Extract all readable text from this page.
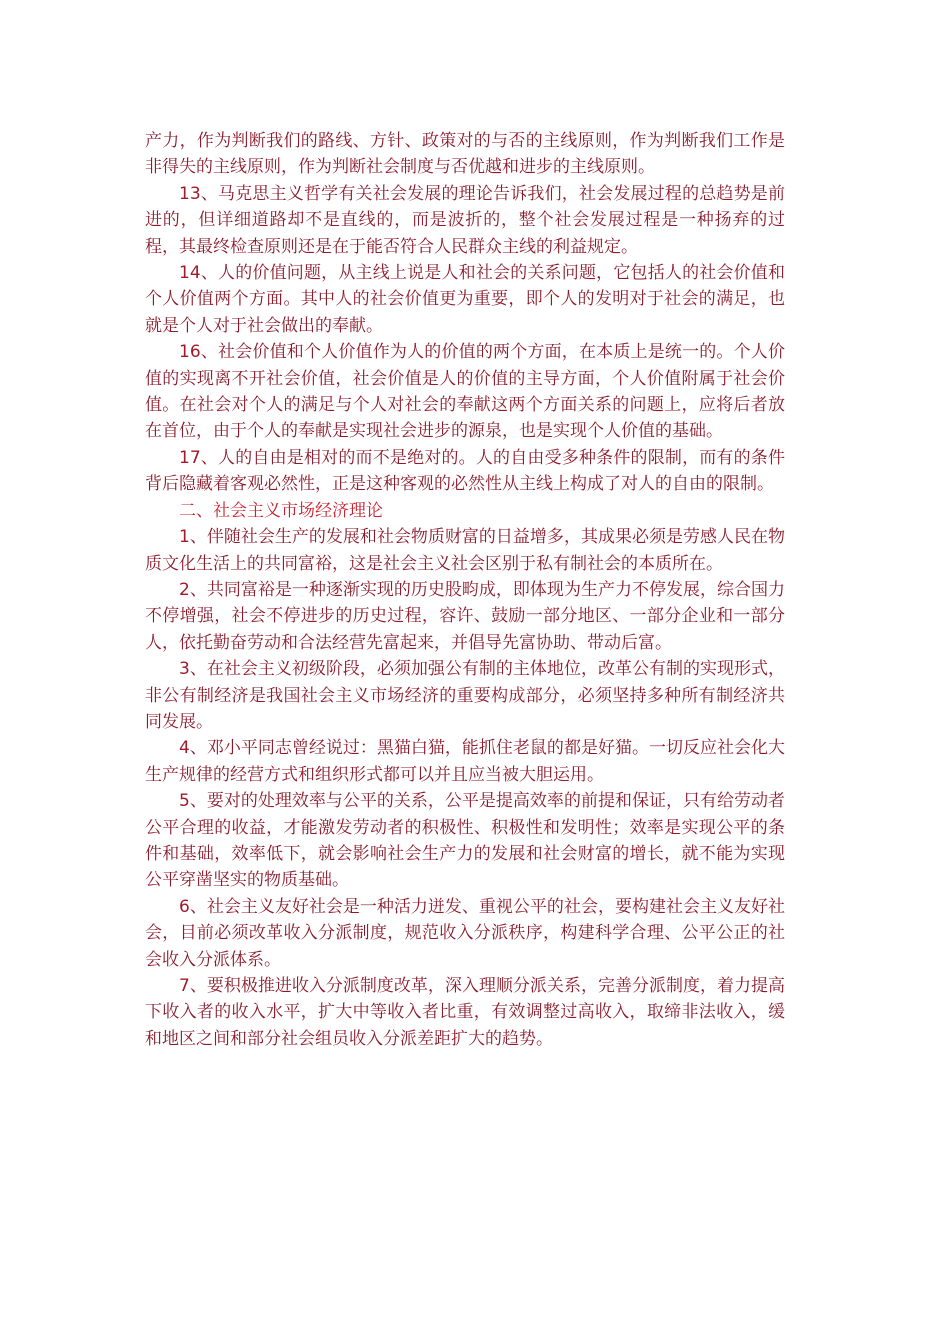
产力，作为判断我们的路线、方针、政策对的与否的主线原则，作为判断我们工作是非得失的主线原则，作为判断社会制度与否优越和进步的主线原则。

13、马克思主义哲学有关社会发展的理论告诉我们，社会发展过程的总趋势是前进的，但详细道路却不是直线的，而是波折的，整个社会发展过程是一种扬弃的过程，其最终检查原则还是在于能否符合人民群众主线的利益规定。

14、人的价值问题，从主线上说是人和社会的关系问题，它包括人的社会价值和个人价值两个方面。其中人的社会价值更为重要，即个人的发明对于社会的满足，也就是个人对于社会做出的奉献。

16、社会价值和个人价值作为人的价值的两个方面，在本质上是统一的。个人价值的实现离不开社会价值，社会价值是人的价值的主导方面，个人价值附属于社会价值。在社会对个人的满足与个人对社会的奉献这两个方面关系的问题上，应将后者放在首位，由于个人的奉献是实现社会进步的源泉，也是实现个人价值的基础。

17、人的自由是相对的而不是绝对的。人的自由受多种条件的限制，而有的条件背后隐藏着客观必然性，正是这种客观的必然性从主线上构成了对人的自由的限制。

二、社会主义市场经济理论

1、伴随社会生产的发展和社会物质财富的日益增多，其成果必须是劳感人民在物质文化生活上的共同富裕，这是社会主义社会区别于私有制社会的本质所在。

2、共同富裕是一种逐渐实现的历史股畇成，即体现为生产力不停发展，综合国力不停增强，社会不停进步的历史过程，容许、鼓励一部分地区、一部分企业和一部分人，依托勤奋劳动和合法经营先富起来，并倡导先富协助、带动后富。

3、在社会主义初级阶段，必须加强公有制的主体地位，改革公有制的实现形式，非公有制经济是我国社会主义市场经济的重要构成部分，必须坚持多种所有制经济共同发展。

4、邓小平同志曾经说过：黑猫白猫，能抓住老鼠的都是好猫。一切反应社会化大生产规律的经营方式和组织形式都可以并且应当被大胆运用。

5、要对的处理效率与公平的关系，公平是提高效率的前提和保证，只有给劳动者公平合理的收益，才能激发劳动者的积极性、积极性和发明性；效率是实现公平的条件和基础，效率低下，就会影响社会生产力的发展和社会财富的增长，就不能为实现公平穿凿坚实的物质基础。

6、社会主义友好社会是一种活力迸发、重视公平的社会，要构建社会主义友好社会，目前必须改革收入分派制度，规范收入分派秩序，构建科学合理、公平公正的社会收入分派体系。

7、要积极推进收入分派制度改革，深入理顺分派关系，完善分派制度，着力提高下收入者的收入水平，扩大中等收入者比重，有效调整过高收入，取缔非法收入，缓和地区之间和部分社会组员收入分派差距扩大的趋势。
